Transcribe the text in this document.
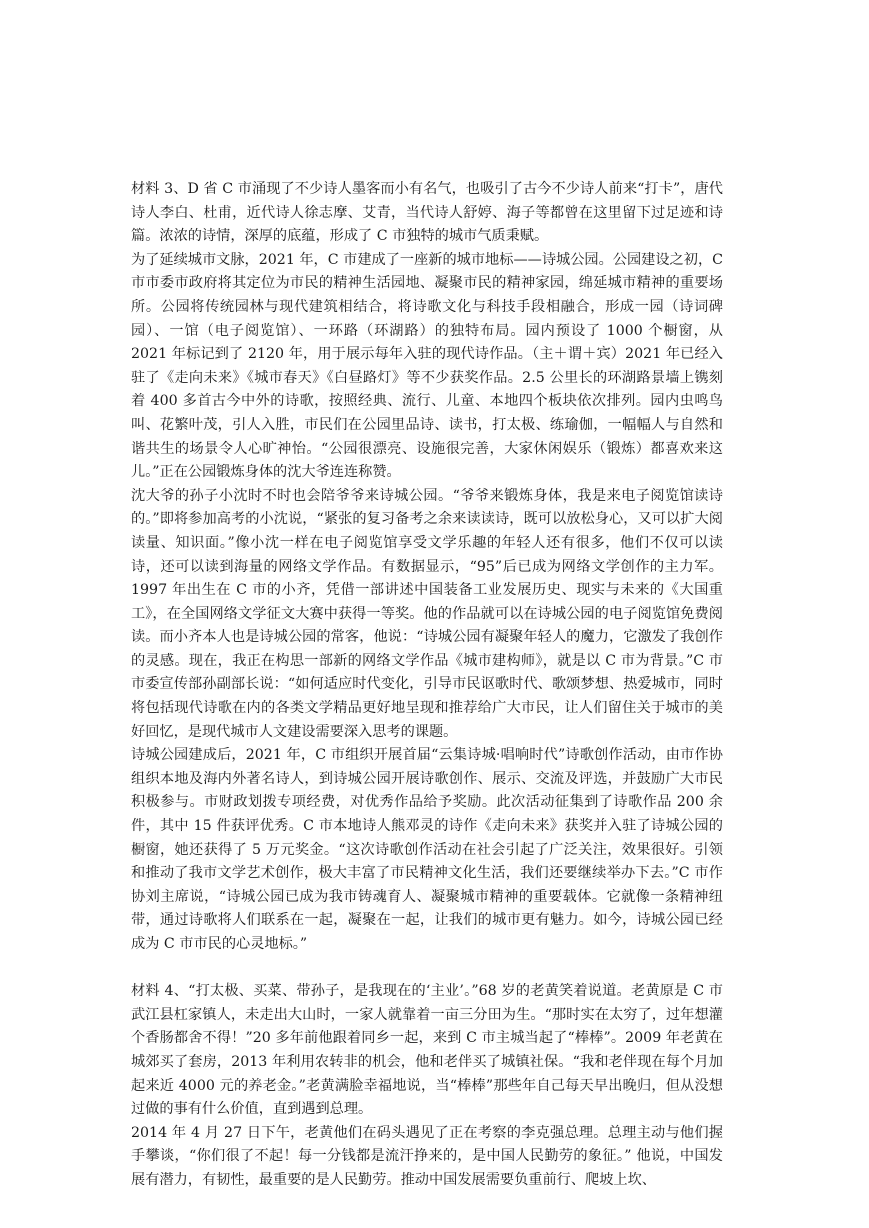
材料 3、D 省 C 市涌现了不少诗人墨客而小有名气，也吸引了古今不少诗人前来“打卡”，唐代诗人李白、杜甫，近代诗人徐志摩、艾青，当代诗人舒婷、海子等都曾在这里留下过足迹和诗篇。浓浓的诗情，深厚的底蕴，形成了 C 市独特的城市气质秉赋。

为了延续城市文脉，2021 年，C 市建成了一座新的城市地标——诗城公园。公园建设之初，C 市市委市政府将其定位为市民的精神生活园地、凝聚市民的精神家园，绵延城市精神的重要场所。公园将传统园林与现代建筑相结合，将诗歌文化与科技手段相融合，形成一园（诗词碑园）、一馆（电子阅览馆）、一环路（环湖路）的独特布局。园内预设了 1000 个橱窗，从 2021 年标记到了 2120 年，用于展示每年入驻的现代诗作品。（主＋谓＋宾）2021 年已经入驻了《走向未来》《城市春天》《白昼路灯》等不少获奖作品。2.5 公里长的环湖路景墙上镌刻着 400 多首古今中外的诗歌，按照经典、流行、儿童、本地四个板块依次排列。园内虫鸣鸟叫、花繁叶茂，引人入胜，市民们在公园里品诗、读书，打太极、练瑜伽，一幅幅人与自然和谐共生的场景令人心旷神怡。“公园很漂亮、设施很完善，大家休闲娱乐（锻炼）都喜欢来这儿。”正在公园锻炼身体的沈大爷连连称赞。

沈大爷的孙子小沈时不时也会陪爷爷来诗城公园。“爷爷来锻炼身体，我是来电子阅览馆读诗的。”即将参加高考的小沈说，“紧张的复习备考之余来读读诗，既可以放松身心，又可以扩大阅读量、知识面。”像小沈一样在电子阅览馆享受文学乐趣的年轻人还有很多，他们不仅可以读诗，还可以读到海量的网络文学作品。有数据显示，“95”后已成为网络文学创作的主力军。1997 年出生在 C 市的小齐，凭借一部讲述中国装备工业发展历史、现实与未来的《大国重工》，在全国网络文学征文大赛中获得一等奖。他的作品就可以在诗城公园的电子阅览馆免费阅读。而小齐本人也是诗城公园的常客，他说：“诗城公园有凝聚年轻人的魔力，它激发了我创作的灵感。现在，我正在构思一部新的网络文学作品《城市建构师》，就是以 C 市为背景。”C 市市委宣传部孙副部长说：“如何适应时代变化，引导市民讴歌时代、歌颂梦想、热爱城市，同时将包括现代诗歌在内的各类文学精品更好地呈现和推荐给广大市民，让人们留住关于城市的美好回忆，是现代城市人文建设需要深入思考的课题。

诗城公园建成后，2021 年，C 市组织开展首届“云集诗城·唱响时代”诗歌创作活动，由市作协组织本地及海内外著名诗人，到诗城公园开展诗歌创作、展示、交流及评选，并鼓励广大市民积极参与。市财政划拨专项经费，对优秀作品给予奖励。此次活动征集到了诗歌作品 200 余件，其中 15 件获评优秀。C 市本地诗人熊邓灵的诗作《走向未来》获奖并入驻了诗城公园的橱窗，她还获得了 5 万元奖金。“这次诗歌创作活动在社会引起了广泛关注，效果很好。引领和推动了我市文学艺术创作，极大丰富了市民精神文化生活，我们还要继续举办下去。”C 市作协刘主席说，“诗城公园已成为我市铸魂育人、凝聚城市精神的重要载体。它就像一条精神纽带，通过诗歌将人们联系在一起，凝聚在一起，让我们的城市更有魅力。如今，诗城公园已经成为 C 市市民的心灵地标。”

材料 4、“打太极、买菜、带孙子，是我现在的‘主业’。”68 岁的老黄笑着说道。老黄原是 C 市武江县杠家镇人，未走出大山时，一家人就靠着一亩三分田为生。“那时实在太穷了，过年想灌个香肠都舍不得！”20 多年前他跟着同乡一起，来到 C 市主城当起了“棒棒”。2009 年老黄在城郊买了套房，2013 年利用农转非的机会，他和老伴买了城镇社保。“我和老伴现在每个月加起来近 4000 元的养老金。”老黄满脸幸福地说，当“棒棒”那些年自己每天早出晚归，但从没想过做的事有什么价值，直到遇到总理。

2014 年 4 月 27 日下午，老黄他们在码头遇见了正在考察的李克强总理。总理主动与他们握手攀谈，“你们很了不起！每一分钱都是流汗挣来的，是中国人民勤劳的象征。” 他说，中国发展有潜力，有韧性，最重要的是人民勤劳。推动中国发展需要负重前行、爬坡上坎、
